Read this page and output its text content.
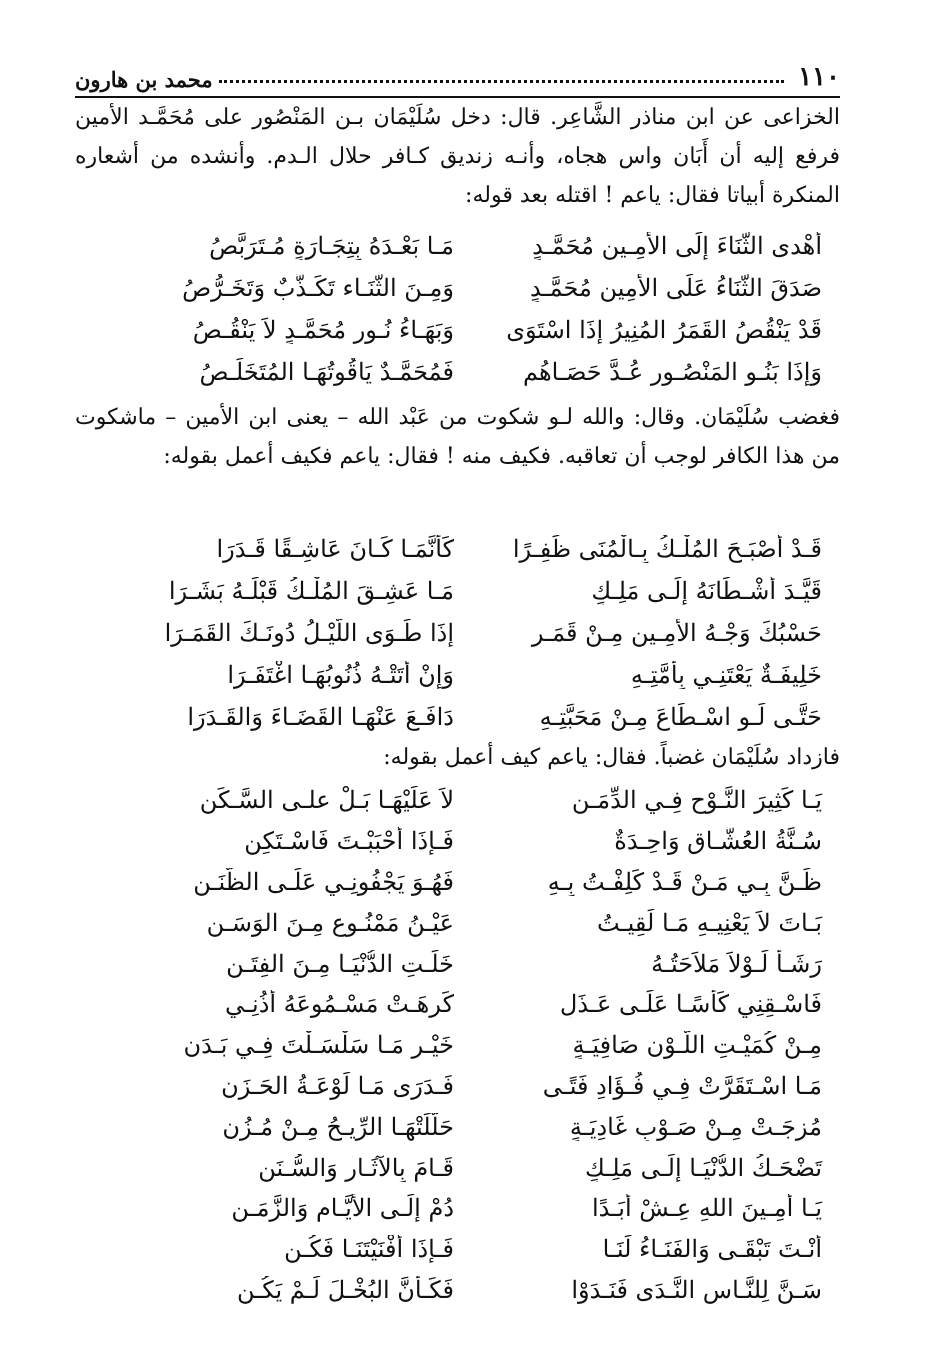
١١٠
محمد بن هارون
الخزاعى عن ابن مناذر الشَّاعِر. قال: دخل سُلَيْمَان بـن المَنْصُور على مُحَمَّـد الأمين فرفع إليه أن أَبَان واس هجاه، وأنـه زنديق كـافر حلال الـدم. وأنشده من أشعاره المنكرة أبياتا فقال: ياعم ! اقتله بعد قوله:
أُهْدى الثَّنَاءَ إِلَى الأَمِـينِ مُحَمَّـدٍ
مَـا بَعْـدَهُ بِتِجَـارَةٍ مُـتَرَبَّصُ
صَدَقَ الثَّنَاءُ عَلَى الأَمِينِ مُحَمَّـدٍ
وَمِـنَ الثَّنَـاء تَكَـذُّبٌ وَتَخَـرُّصُ
قَدْ يَنْقُصُ القَمَرُ المُنِيرُ إِذَا اسْتَوَى
وَبَهَـاءُ نُـورِ مُحَمَّـدٍ لاَ يَنْقُـصُ
وَإِذَا بَنُـو المَنْصُـورِ عُـدَّ حَصَـاهُم
فَمُحَمَّـدٌ يَاقُوتُهَـا المُتَخَلِّـصُ
فغضب سُلَيْمَان. وقال: والله لـو شكوت من عَبْد الله – يعنى ابن الأمين – ماشكوت من هذا الكافر لوجب أن تعاقبه. فكيف منه ! فقال: ياعم فكيف أعمل بقوله:
قَـدْ أَصْبَـحَ المُلْـكُ بِـالْمُنَى ظَفِـرًا
كَأَنَّمَـا كَـانَ عَاشِـقًا قَـدَرَا
قَيَّـدَ أَشْـطَانَهُ إِلَـى مَلِـكٍ
مَـا عَشِـقَ المُلْـكُ قَبْلَـهُ بَشَـرَا
حَسْبُكَ وَجْـهُ الأَمِـينِ مِـنْ قَمَـرٍ
إِذَا طَـوَى اللَّيْـلُ دُونَـكَ القَمَـرَا
خَلِيفَـةٌ يَعْتَنِـي بِأُمَّتِـهِ
وَإِنْ أَتَتْـهُ ذُنُوبُهَـا اغْتَفَـرَا
حَتَّـى لَـو اسْـطَاعَ مِـنْ مَحَبَّتِـهِ
دَافَـعَ عَنْهَـا القَضَـاءَ وَالقَـدَرَا
فازداد سُلَيْمَان غضباً. فقال: ياعم كيف أعمل بقوله:
يَـا كَثِيرَ النَّـوْحِ فِـي الدِّمَـنِ
لاَ عَلَيْهَـا بَـلْ علـى السَّـكَنِ
سُـنَّةُ العُشَّـاقِ وَاحِـدَةٌ
فَـإِذَا أَحْبَبْـتَ فَاسْـتَكِنِ
ظَـنَّ بِـي مَـنْ قَـدْ كَلِفْـتُ بِـهِ
فَهُـوَ يَجْفُونِـي عَلَـى الظَّنَـنِ
بَـاتَ لاَ يَعْنِيـهِ مَـا لَقِيـتُ
عَيْـنُ مَمْنُـوعٍ مِـنَ الوَسَـنِ
رَشَـأٌ لَـوْلاَ مَلاَحَتُـهُ
خَلَـتِ الدُّنْيَـا مِـنَ الفِتَـنِ
فَاسْـقِنِي كَأْسًـا عَلَـى عَـذَلٍ
كَرِهَـتْ مَسْـمُوعَهُ أُذُنِـي
مِـنْ كُمَيْـتِ اللَّـوْنِ صَافِيَـةٍ
خَيْـرِ مَـا سَلْسَـلْتَ فِـي بَـدَنِ
مَـا اسْـتَقَرَّتْ فِـي فُـؤَادِ فَتًـى
فَـدَرَى مَـا لَوْعَـةُ الحَـزَنِ
مُزِجَـتْ مِـنْ صَـوْبِ غَادِيَـةٍ
حَلَّلَتْهَـا الرِّيـحُ مِـنْ مُـزُنِ
تَضْحَـكُ الدُّنْيَـا إِلَـى مَلِـكٍ
قَـامَ بِالآثَـارِ وَالسُّـنَنِ
يَـا أَمِـينَ اللهِ عِـشْ أَبَـدًا
دُمْ إِلَـى الأَيَّـامِ وَالزَّمَـنِ
أَنْـتَ تَبْقَـى وَالفَنَـاءُ لَنَـا
فَـإِذَا أَفْنَيْتَنَـا فَكُـنِ
سَـنَّ لِلنَّـاسِ النَّـدَى فَنَـدَوْا
فَكَـأَنَّ البُخْـلَ لَـمْ يَكُـنِ
